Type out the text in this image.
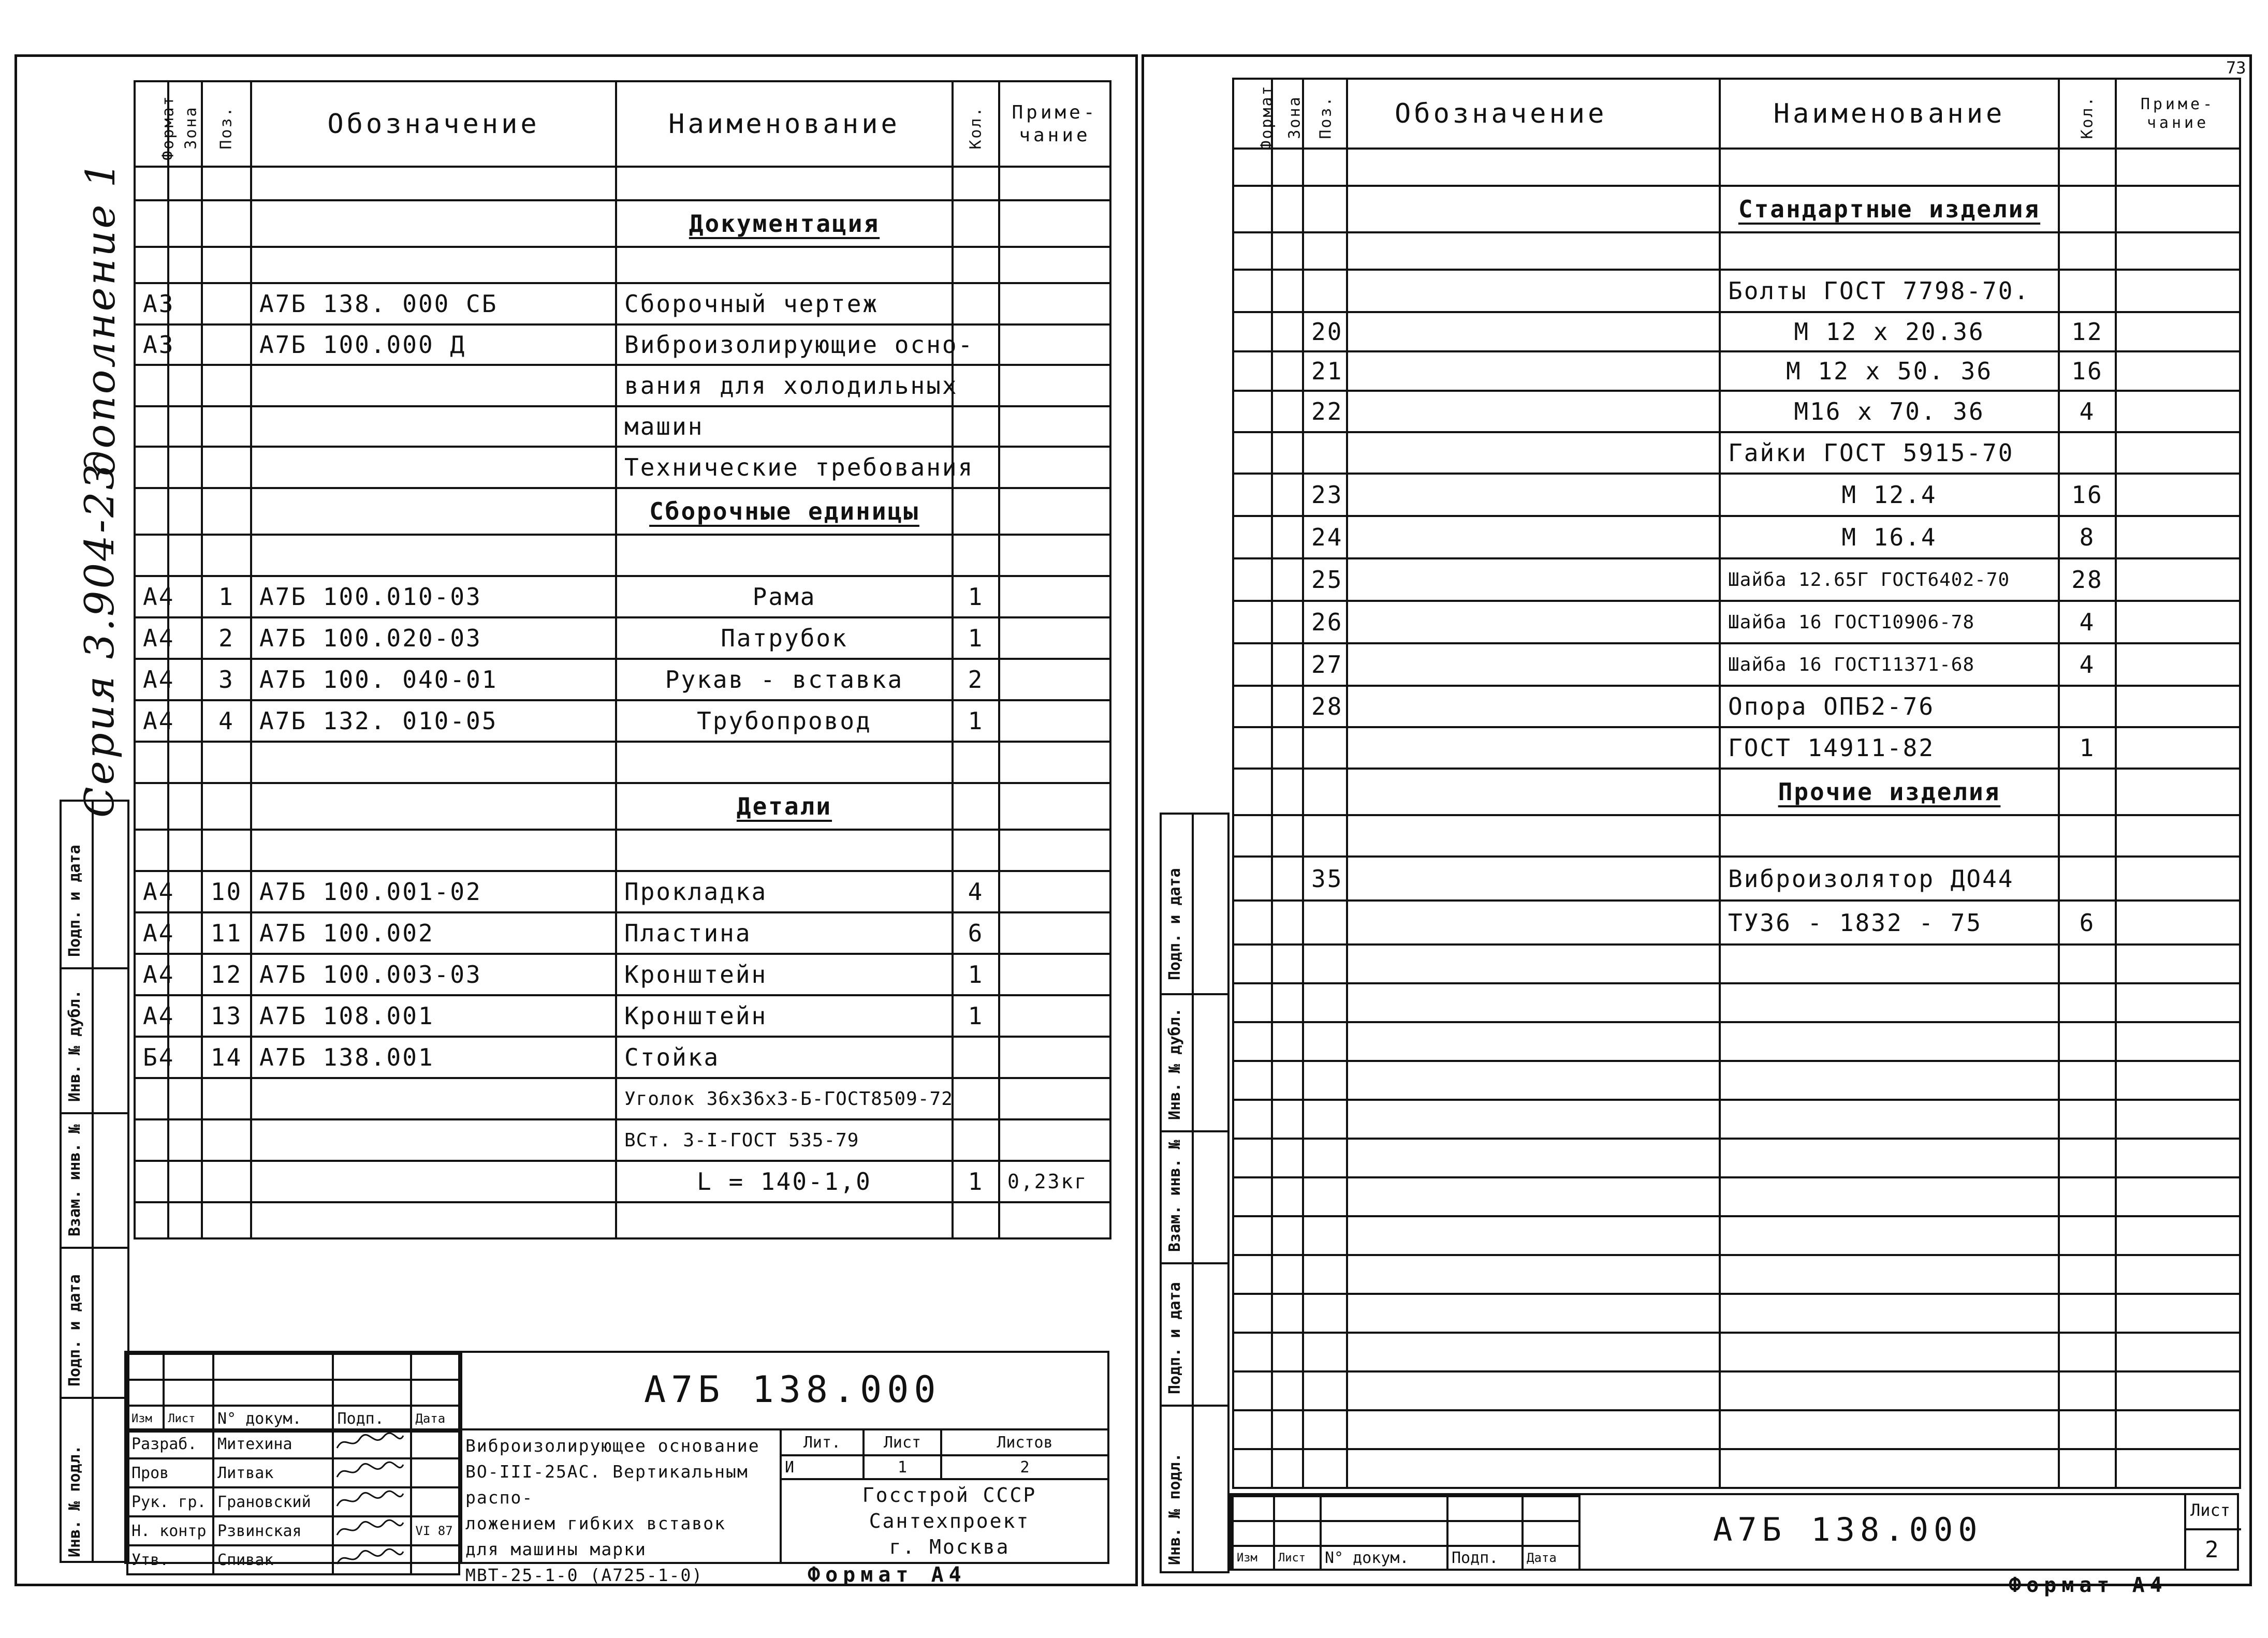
Серия 3.904-23
дополнение 1
Подп. и дата
Инв. № дубл.
Взам. инв. №
Подп. и дата
Инв. № подл.
Формат	Зона	Поз.	Обозначение	Наименование	Кол.	Приме-чание

				Документация		

А3			А7Б 138. 000 СБ	Сборочный чертеж		
А3			А7Б 100.000 Д	Виброизолирующие осно-		
				вания для холодильных		
				машин		
				Технические требования		
				Сборочные единицы		

А4		1	А7Б 100.010-03	Рама	1	
А4		2	А7Б 100.020-03	Патрубок	1	
А4		3	А7Б 100. 040-01	Рукав - вставка	2	
А4		4	А7Б 132. 010-05	Трубопровод	1	

				Детали		

А4		10	А7Б 100.001-02	Прокладка	4	
А4		11	А7Б 100.002	Пластина	6	
А4		12	А7Б 100.003-03	Кронштейн	1	
А4		13	А7Б 108.001	Кронштейн	1	
Б4		14	А7Б 138.001	Стойка		
				Уголок 36х36х3-Б-ГОСТ8509-72		
				ВСт. 3-I-ГОСТ 535-79		
				L = 140-1,0	1	0,23кг

Изм	Лист	N° докум.	Подп.	Дата
Разраб.	Митехина		
Пров	Литвак		
Рук. гр.	Грановский		
Н. контр	Рзвинская		VI 87
Утв.	Спивак		
А7Б 138.000
Виброизолирующее основание
ВО-III-25АС. Вертикальным распо-
ложением гибких вставок
для машины марки
МВТ-25-1-0 (А725-1-0)
Лит.	Лист	Листов
И	1	2
Госстрой СССР
Сантехпроект
г. Москва
Формат А4
73
Подп. и дата
Инв. № дубл.
Взам. инв. №
Подп. и дата
Инв. № подл.
Формат	Зона	Поз.	Обозначение	Наименование	Кол.	Приме-чание

				Стандартные изделия		

				Болты ГОСТ 7798-70.		
		20		М 12 х 20.36	12	
		21		М 12 х 50. 36	16	
		22		М16 х 70. 36	4	
				Гайки ГОСТ 5915-70		
		23		М 12.4	16	
		24		М 16.4	8	
		25		Шайба 12.65Г ГОСТ6402-70	28	
		26		Шайба 16 ГОСТ10906-78	4	
		27		Шайба 16 ГОСТ11371-68	4	
		28		Опора ОПБ2-76		
				ГОСТ 14911-82	1	
				Прочие изделия		

		35		Виброизолятор ДО44		
				ТУ36 - 1832 - 75	6	

Изм	Лист	N° докум.	Подп.	Дата
А7Б 138.000
Лист
2
Формат А4
